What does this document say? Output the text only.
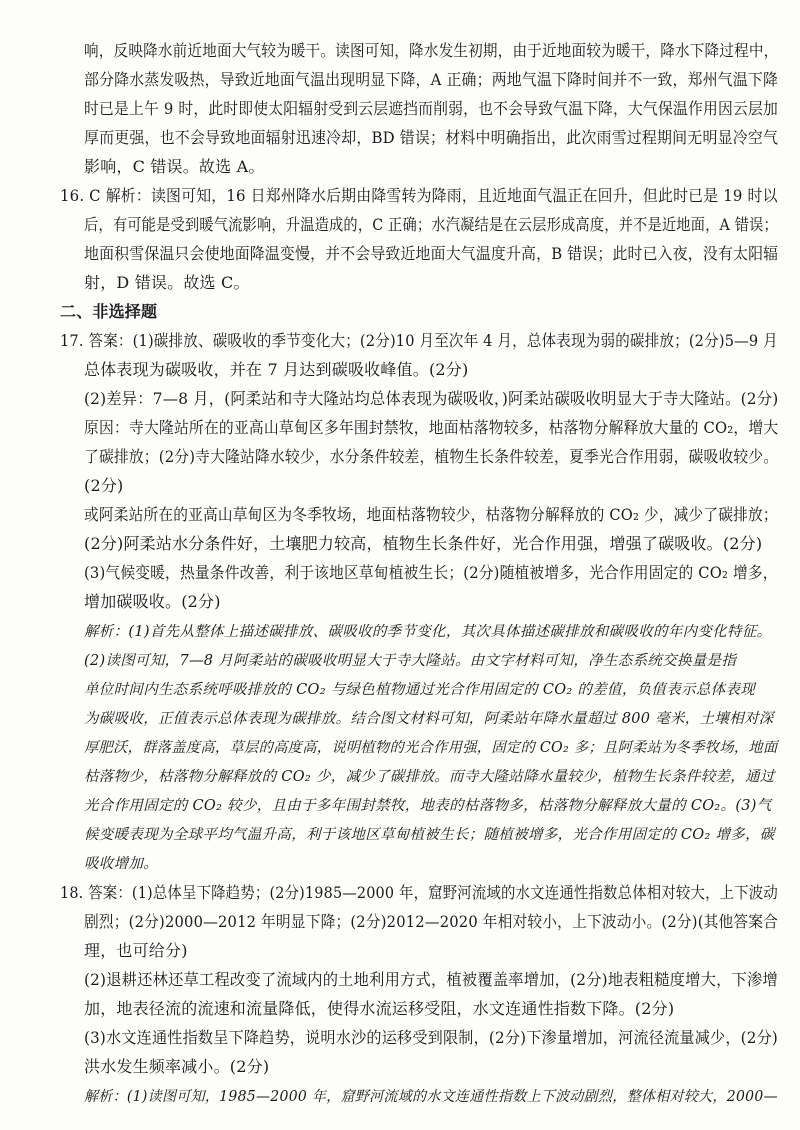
响，反映降水前近地面大气较为暖干。读图可知，降水发生初期，由于近地面较为暖干，降水下降过程中，
部分降水蒸发吸热，导致近地面气温出现明显下降，A 正确；两地气温下降时间并不一致，郑州气温下降
时已是上午 9 时，此时即使太阳辐射受到云层遮挡而削弱，也不会导致气温下降，大气保温作用因云层加
厚而更强，也不会导致地面辐射迅速冷却，BD 错误；材料中明确指出，此次雨雪过程期间无明显冷空气
影响，C 错误。故选 A。
16. C 解析：读图可知，16 日郑州降水后期由降雪转为降雨，且近地面气温正在回升，但此时已是 19 时以
后，有可能是受到暖气流影响，升温造成的，C 正确；水汽凝结是在云层形成高度，并不是近地面，A 错误；
地面积雪保温只会使地面降温变慢，并不会导致近地面大气温度升高，B 错误；此时已入夜，没有太阳辐
射，D 错误。故选 C。
二、非选择题
17. 答案：(1)碳排放、碳吸收的季节变化大；(2分)10 月至次年 4 月，总体表现为弱的碳排放；(2分)5—9 月
总体表现为碳吸收，并在 7 月达到碳吸收峰值。(2分)
(2)差异：7—8 月，(阿柔站和寺大隆站均总体表现为碳吸收，)阿柔站碳吸收明显大于寺大隆站。(2分)
原因：寺大隆站所在的亚高山草甸区多年围封禁牧，地面枯落物较多，枯落物分解释放大量的 CO₂，增大
了碳排放；(2分)寺大隆站降水较少，水分条件较差，植物生长条件较差，夏季光合作用弱，碳吸收较少。
(2分)
或阿柔站所在的亚高山草甸区为冬季牧场，地面枯落物较少，枯落物分解释放的 CO₂ 少，减少了碳排放；
(2分)阿柔站水分条件好，土壤肥力较高，植物生长条件好，光合作用强，增强了碳吸收。(2分)
(3)气候变暖，热量条件改善，利于该地区草甸植被生长；(2分)随植被增多，光合作用固定的 CO₂ 增多，
增加碳吸收。(2分)
解析：(1)首先从整体上描述碳排放、碳吸收的季节变化，其次具体描述碳排放和碳吸收的年内变化特征。
(2)读图可知，7—8 月阿柔站的碳吸收明显大于寺大隆站。由文字材料可知，净生态系统交换量是指
单位时间内生态系统呼吸排放的 CO₂ 与绿色植物通过光合作用固定的 CO₂ 的差值，负值表示总体表现
为碳吸收，正值表示总体表现为碳排放。结合图文材料可知，阿柔站年降水量超过 800 毫米，土壤相对深
厚肥沃，群落盖度高，草层的高度高，说明植物的光合作用强，固定的 CO₂ 多；且阿柔站为冬季牧场，地面
枯落物少，枯落物分解释放的 CO₂ 少，减少了碳排放。而寺大隆站降水量较少，植物生长条件较差，通过
光合作用固定的 CO₂ 较少，且由于多年围封禁牧，地表的枯落物多，枯落物分解释放大量的 CO₂。(3)气
候变暖表现为全球平均气温升高，利于该地区草甸植被生长；随植被增多，光合作用固定的 CO₂ 增多，碳
吸收增加。
18. 答案：(1)总体呈下降趋势；(2分)1985—2000 年，窟野河流域的水文连通性指数总体相对较大，上下波动
剧烈；(2分)2000—2012 年明显下降；(2分)2012—2020 年相对较小，上下波动小。(2分)(其他答案合
理，也可给分)
(2)退耕还林还草工程改变了流域内的土地利用方式，植被覆盖率增加，(2分)地表粗糙度增大，下渗增
加，地表径流的流速和流量降低，使得水流运移受阻，水文连通性指数下降。(2分)
(3)水文连通性指数呈下降趋势，说明水沙的运移受到限制，(2分)下渗量增加，河流径流量减少，(2分)
洪水发生频率减小。(2分)
解析：(1)读图可知，1985—2000 年，窟野河流域的水文连通性指数上下波动剧烈，整体相对较大，2000—
